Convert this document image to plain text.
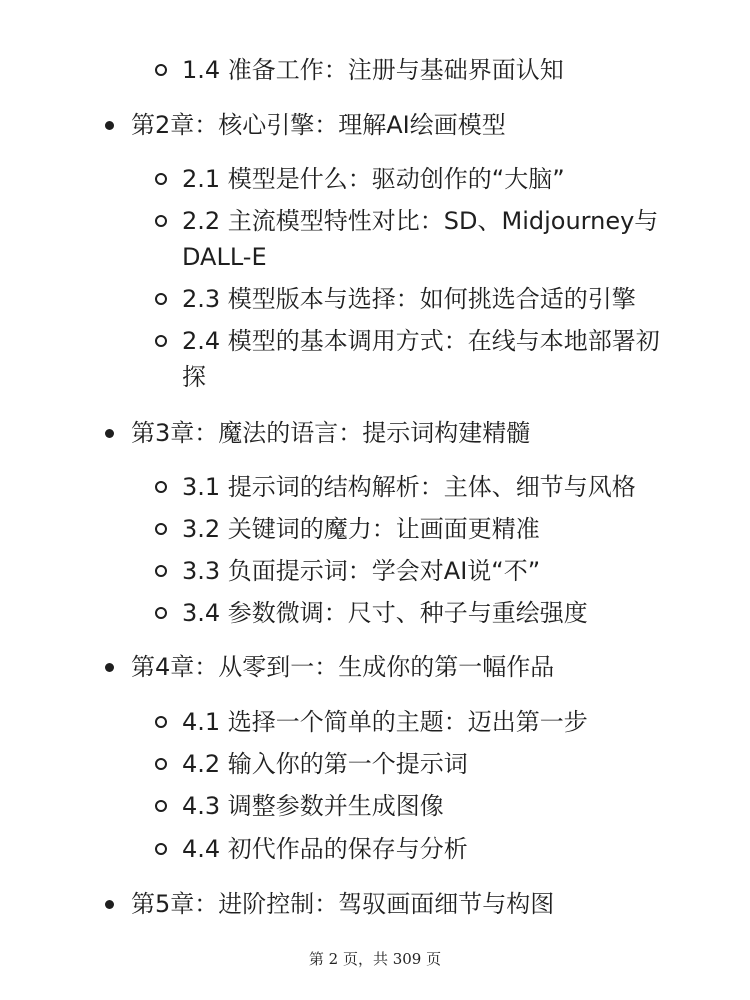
1.4 准备工作：注册与基础界面认知
第2章：核心引擎：理解AI绘画模型
2.1 模型是什么：驱动创作的“大脑”
2.2 主流模型特性对比：SD、Midjourney与DALL-E
2.3 模型版本与选择：如何挑选合适的引擎
2.4 模型的基本调用方式：在线与本地部署初探
第3章：魔法的语言：提示词构建精髓
3.1 提示词的结构解析：主体、细节与风格
3.2 关键词的魔力：让画面更精准
3.3 负面提示词：学会对AI说“不”
3.4 参数微调：尺寸、种子与重绘强度
第4章：从零到一：生成你的第一幅作品
4.1 选择一个简单的主题：迈出第一步
4.2 输入你的第一个提示词
4.3 调整参数并生成图像
4.4 初代作品的保存与分析
第5章：进阶控制：驾驭画面细节与构图
第 2 页，共 309 页
